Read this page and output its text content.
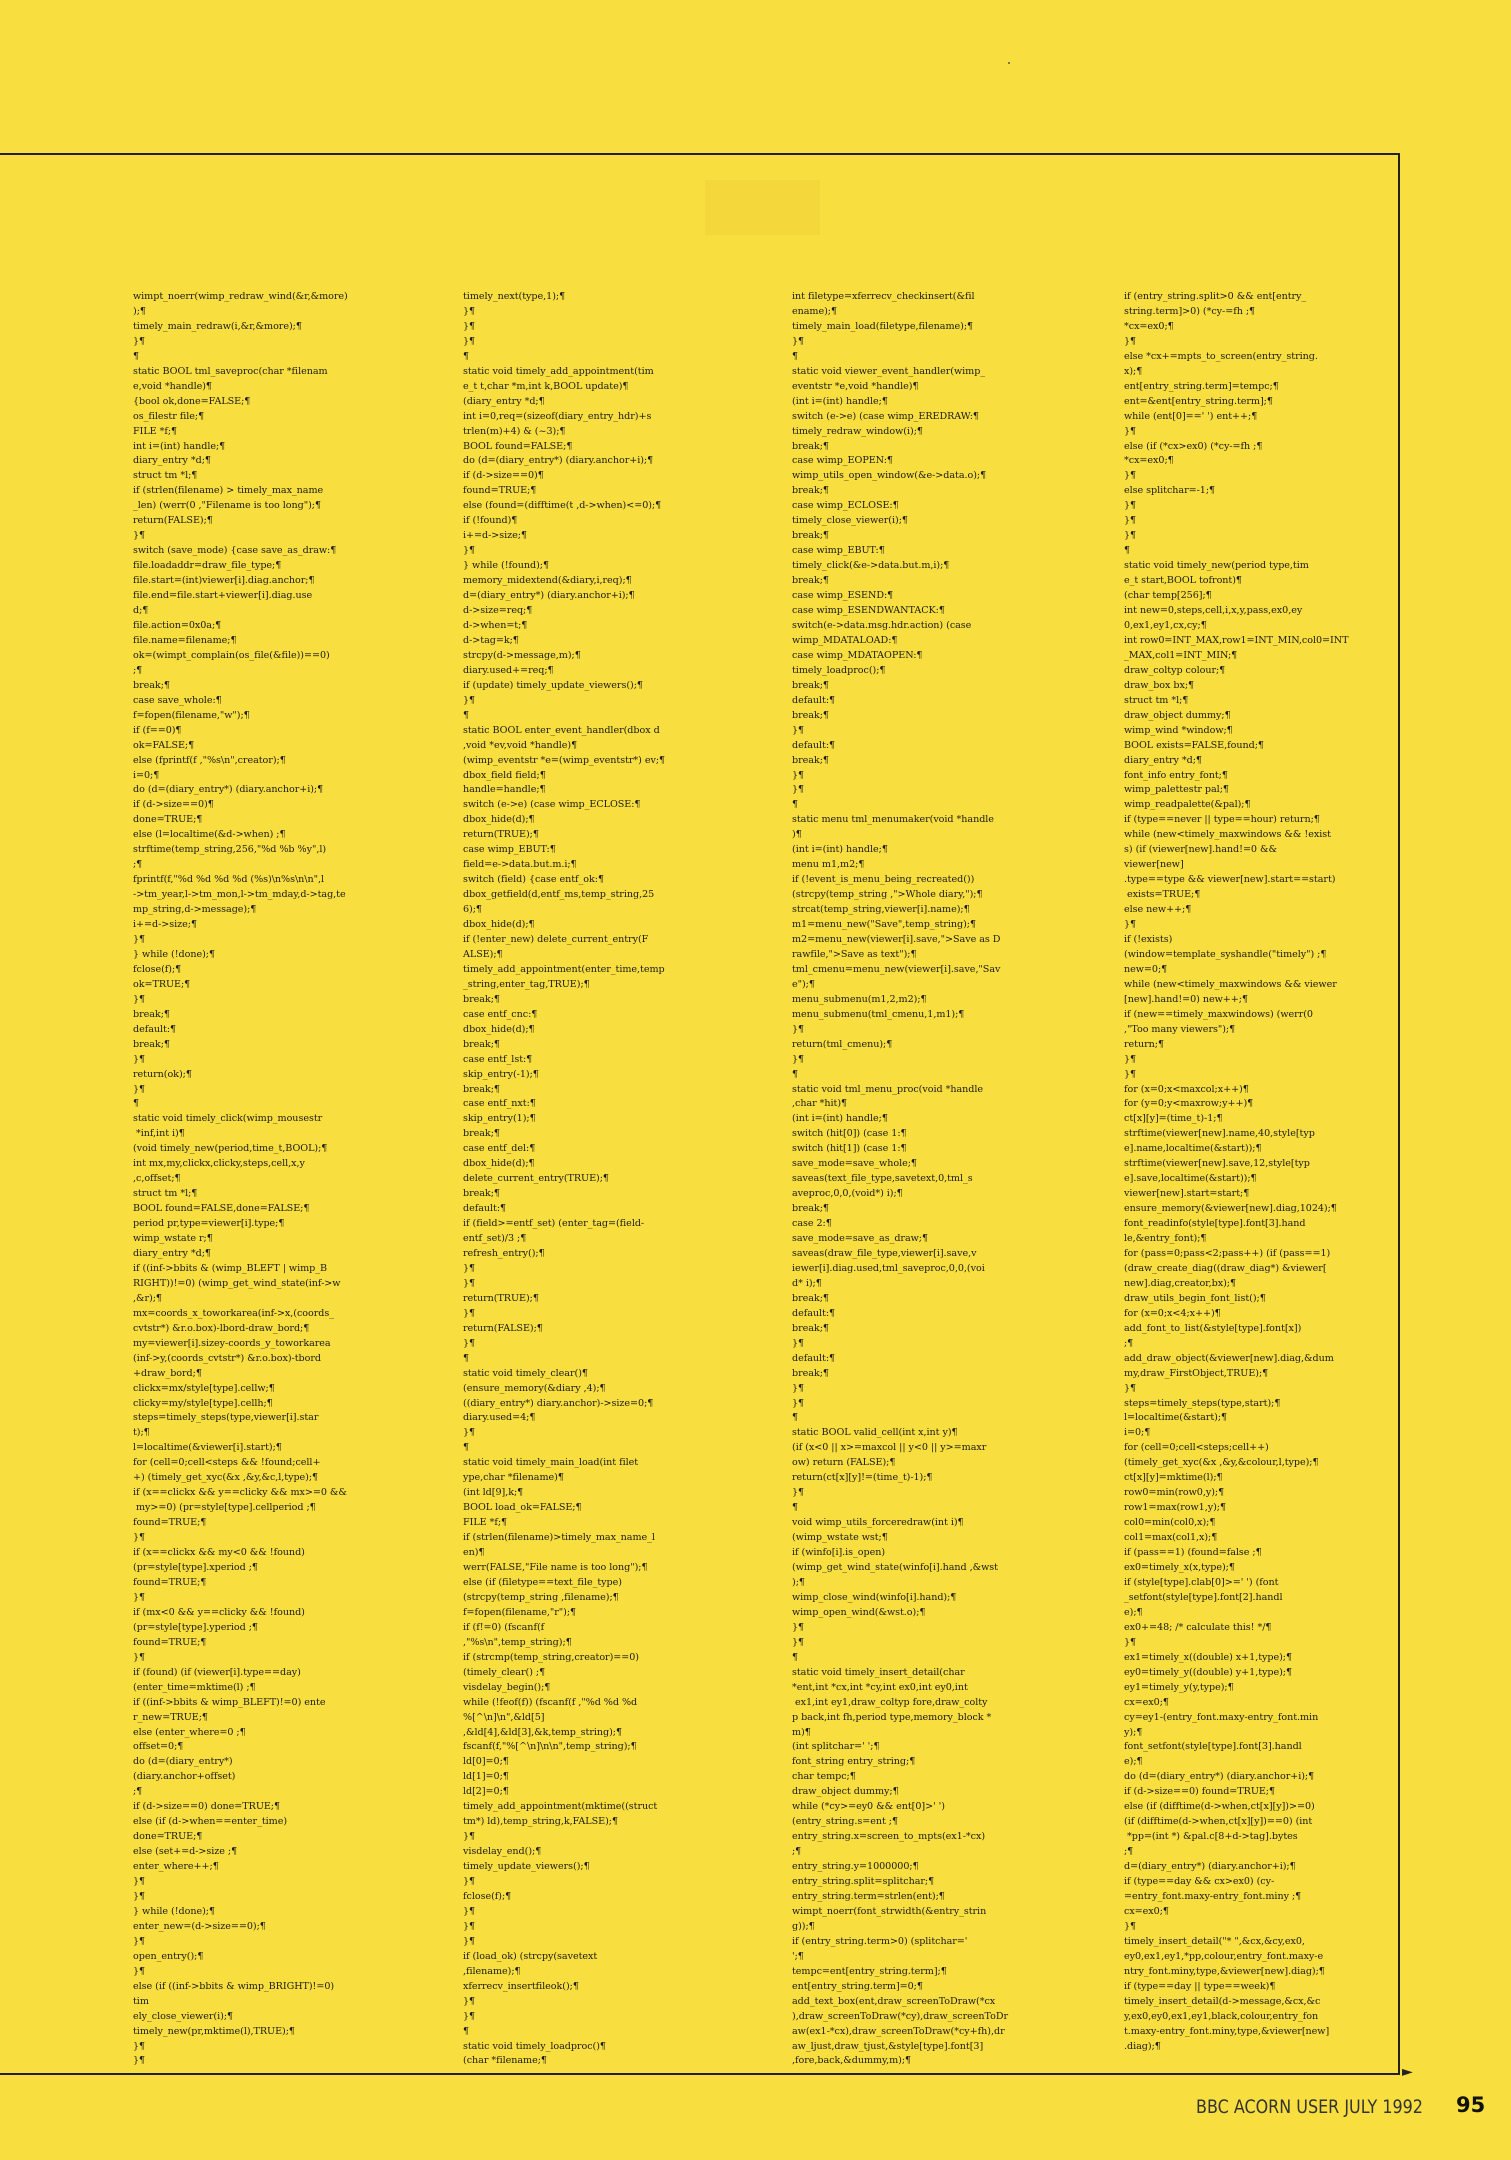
►
wimpt_noerr(wimp_redraw_wind(&r,&more)
);¶
timely_main_redraw(i,&r,&more);¶
}¶
¶
static BOOL tml_saveproc(char *filenam
e,void *handle)¶
{bool ok,done=FALSE;¶
os_filestr file;¶
FILE *f;¶
int i=(int) handle;¶
diary_entry *d;¶
struct tm *l;¶
if (strlen(filename) > timely_max_name
_len) (werr(0 ,"Filename is too long");¶
return(FALSE);¶
}¶
switch (save_mode) {case save_as_draw:¶
file.loadaddr=draw_file_type;¶
file.start=(int)viewer[i].diag.anchor;¶
file.end=file.start+viewer[i].diag.use
d;¶
file.action=0x0a;¶
file.name=filename;¶
ok=(wimpt_complain(os_file(&file))==0)
;¶
break;¶
case save_whole:¶
f=fopen(filename,"w");¶
if (f==0)¶
ok=FALSE;¶
else (fprintf(f ,"%s\n",creator);¶
i=0;¶
do (d=(diary_entry*) (diary.anchor+i);¶
if (d->size==0)¶
done=TRUE;¶
else (l=localtime(&d->when) ;¶
strftime(temp_string,256,"%d %b %y",l)
;¶
fprintf(f,"%d %d %d %d (%s)\n%s\n\n",l
->tm_year,l->tm_mon,l->tm_mday,d->tag,te
mp_string,d->message);¶
i+=d->size;¶
}¶
} while (!done);¶
fclose(f);¶
ok=TRUE;¶
}¶
break;¶
default:¶
break;¶
}¶
return(ok);¶
}¶
¶
static void timely_click(wimp_mousestr
*inf,int i)¶
(void timely_new(period,time_t,BOOL);¶
int mx,my,clickx,clicky,steps,cell,x,y
,c,offset;¶
struct tm *l;¶
BOOL found=FALSE,done=FALSE;¶
period pr,type=viewer[i].type;¶
wimp_wstate r;¶
diary_entry *d;¶
if ((inf->bbits & (wimp_BLEFT | wimp_B
RIGHT))!=0) (wimp_get_wind_state(inf->w
,&r);¶
mx=coords_x_toworkarea(inf->x,(coords_
cvtstr*) &r.o.box)-lbord-draw_bord;¶
my=viewer[i].sizey-coords_y_toworkarea
(inf->y,(coords_cvtstr*) &r.o.box)-tbord
+draw_bord;¶
clickx=mx/style[type].cellw;¶
clicky=my/style[type].cellh;¶
steps=timely_steps(type,viewer[i].star
t);¶
l=localtime(&viewer[i].start);¶
for (cell=0;cell<steps && !found;cell+
+) (timely_get_xyc(&x ,&y,&c,l,type);¶
if (x==clickx && y==clicky && mx>=0 &&
my>=0) (pr=style[type].cellperiod ;¶
found=TRUE;¶
}¶
if (x==clickx && my<0 && !found)
(pr=style[type].xperiod ;¶
found=TRUE;¶
}¶
if (mx<0 && y==clicky && !found)
(pr=style[type].yperiod ;¶
found=TRUE;¶
}¶
if (found) (if (viewer[i].type==day)
(enter_time=mktime(l) ;¶
if ((inf->bbits & wimp_BLEFT)!=0) ente
r_new=TRUE;¶
else (enter_where=0 ;¶
offset=0;¶
do (d=(diary_entry*)
(diary.anchor+offset)
;¶
if (d->size==0) done=TRUE;¶
else (if (d->when==enter_time)
done=TRUE;¶
else (set+=d->size ;¶
enter_where++;¶
}¶
}¶
} while (!done);¶
enter_new=(d->size==0);¶
}¶
open_entry();¶
}¶
else (if ((inf->bbits & wimp_BRIGHT)!=0)
tim
ely_close_viewer(i);¶
timely_new(pr,mktime(l),TRUE);¶
}¶
}¶
timely_next(type,1);¶
}¶
}¶
}¶
¶
static void timely_add_appointment(tim
e_t t,char *m,int k,BOOL update)¶
(diary_entry *d;¶
int i=0,req=(sizeof(diary_entry_hdr)+s
trlen(m)+4) & (~3);¶
BOOL found=FALSE;¶
do (d=(diary_entry*) (diary.anchor+i);¶
if (d->size==0)¶
found=TRUE;¶
else (found=(difftime(t ,d->when)<=0);¶
if (!found)¶
i+=d->size;¶
}¶
} while (!found);¶
memory_midextend(&diary,i,req);¶
d=(diary_entry*) (diary.anchor+i);¶
d->size=req;¶
d->when=t;¶
d->tag=k;¶
strcpy(d->message,m);¶
diary.used+=req;¶
if (update) timely_update_viewers();¶
}¶
¶
static BOOL enter_event_handler(dbox d
,void *ev,void *handle)¶
(wimp_eventstr *e=(wimp_eventstr*) ev;¶
dbox_field field;¶
handle=handle;¶
switch (e->e) (case wimp_ECLOSE:¶
dbox_hide(d);¶
return(TRUE);¶
case wimp_EBUT:¶
field=e->data.but.m.i;¶
switch (field) {case entf_ok:¶
dbox_getfield(d,entf_ms,temp_string,25
6);¶
dbox_hide(d);¶
if (!enter_new) delete_current_entry(F
ALSE);¶
timely_add_appointment(enter_time,temp
_string,enter_tag,TRUE);¶
break;¶
case entf_cnc:¶
dbox_hide(d);¶
break;¶
case entf_lst:¶
skip_entry(-1);¶
break;¶
case entf_nxt:¶
skip_entry(1);¶
break;¶
case entf_del:¶
dbox_hide(d);¶
delete_current_entry(TRUE);¶
break;¶
default:¶
if (field>=entf_set) (enter_tag=(field-
entf_set)/3 ;¶
refresh_entry();¶
}¶
}¶
return(TRUE);¶
}¶
return(FALSE);¶
}¶
¶
static void timely_clear()¶
(ensure_memory(&diary ,4);¶
((diary_entry*) diary.anchor)->size=0;¶
diary.used=4;¶
}¶
¶
static void timely_main_load(int filet
ype,char *filename)¶
(int ld[9],k;¶
BOOL load_ok=FALSE;¶
FILE *f;¶
if (strlen(filename)>timely_max_name_l
en)¶
werr(FALSE,"File name is too long");¶
else (if (filetype==text_file_type)
(strcpy(temp_string ,filename);¶
f=fopen(filename,"r");¶
if (f!=0) (fscanf(f
,"%s\n",temp_string);¶
if (strcmp(temp_string,creator)==0)
(timely_clear() ;¶
visdelay_begin();¶
while (!feof(f)) (fscanf(f ,"%d %d %d
%[^\n]\n",&ld[5]
,&ld[4],&ld[3],&k,temp_string);¶
fscanf(f,"%[^\n]\n\n",temp_string);¶
ld[0]=0;¶
ld[1]=0;¶
ld[2]=0;¶
timely_add_appointment(mktime((struct
tm*) ld),temp_string,k,FALSE);¶
}¶
visdelay_end();¶
timely_update_viewers();¶
}¶
fclose(f);¶
}¶
}¶
}¶
if (load_ok) (strcpy(savetext
,filename);¶
xferrecv_insertfileok();¶
}¶
}¶
¶
static void timely_loadproc()¶
(char *filename;¶
int filetype=xferrecv_checkinsert(&fil
ename);¶
timely_main_load(filetype,filename);¶
}¶
¶
static void viewer_event_handler(wimp_
eventstr *e,void *handle)¶
(int i=(int) handle;¶
switch (e->e) (case wimp_EREDRAW:¶
timely_redraw_window(i);¶
break;¶
case wimp_EOPEN:¶
wimp_utils_open_window(&e->data.o);¶
break;¶
case wimp_ECLOSE:¶
timely_close_viewer(i);¶
break;¶
case wimp_EBUT:¶
timely_click(&e->data.but.m,i);¶
break;¶
case wimp_ESEND:¶
case wimp_ESENDWANTACK:¶
switch(e->data.msg.hdr.action) (case
wimp_MDATALOAD:¶
case wimp_MDATAOPEN:¶
timely_loadproc();¶
break;¶
default:¶
break;¶
}¶
default:¶
break;¶
}¶
}¶
¶
static menu tml_menumaker(void *handle
)¶
(int i=(int) handle;¶
menu m1,m2;¶
if (!event_is_menu_being_recreated())
(strcpy(temp_string ,">Whole diary,");¶
strcat(temp_string,viewer[i].name);¶
m1=menu_new("Save",temp_string);¶
m2=menu_new(viewer[i].save,">Save as D
rawfile,">Save as text");¶
tml_cmenu=menu_new(viewer[i].save,"Sav
e");¶
menu_submenu(m1,2,m2);¶
menu_submenu(tml_cmenu,1,m1);¶
}¶
return(tml_cmenu);¶
}¶
¶
static void tml_menu_proc(void *handle
,char *hit)¶
(int i=(int) handle;¶
switch (hit[0]) (case 1:¶
switch (hit[1]) (case 1:¶
save_mode=save_whole;¶
saveas(text_file_type,savetext,0,tml_s
aveproc,0,0,(void*) i);¶
break;¶
case 2:¶
save_mode=save_as_draw;¶
saveas(draw_file_type,viewer[i].save,v
iewer[i].diag.used,tml_saveproc,0,0,(voi
d* i);¶
break;¶
default:¶
break;¶
}¶
default:¶
break;¶
}¶
}¶
¶
static BOOL valid_cell(int x,int y)¶
(if (x<0 || x>=maxcol || y<0 || y>=maxr
ow) return (FALSE);¶
return(ct[x][y]!=(time_t)-1);¶
}¶
¶
void wimp_utils_forceredraw(int i)¶
(wimp_wstate wst;¶
if (winfo[i].is_open)
(wimp_get_wind_state(winfo[i].hand ,&wst
);¶
wimp_close_wind(winfo[i].hand);¶
wimp_open_wind(&wst.o);¶
}¶
}¶
¶
static void timely_insert_detail(char
*ent,int *cx,int *cy,int ex0,int ey0,int
ex1,int ey1,draw_coltyp fore,draw_colty
p back,int fh,period type,memory_block *
m)¶
(int splitchar=' ';¶
font_string entry_string;¶
char tempc;¶
draw_object dummy;¶
while (*cy>=ey0 && ent[0]>' ')
(entry_string.s=ent ;¶
entry_string.x=screen_to_mpts(ex1-*cx)
;¶
entry_string.y=1000000;¶
entry_string.split=splitchar;¶
entry_string.term=strlen(ent);¶
wimpt_noerr(font_strwidth(&entry_strin
g));¶
if (entry_string.term>0) (splitchar='
';¶
tempc=ent[entry_string.term];¶
ent[entry_string.term]=0;¶
add_text_box(ent,draw_screenToDraw(*cx
),draw_screenToDraw(*cy),draw_screenToDr
aw(ex1-*cx),draw_screenToDraw(*cy+fh),dr
aw_ljust,draw_tjust,&style[type].font[3]
,fore,back,&dummy,m);¶
if (entry_string.split>0 && ent[entry_
string.term]>0) (*cy-=fh ;¶
*cx=ex0;¶
}¶
else *cx+=mpts_to_screen(entry_string.
x);¶
ent[entry_string.term]=tempc;¶
ent=&ent[entry_string.term];¶
while (ent[0]==' ') ent++;¶
}¶
else (if (*cx>ex0) (*cy-=fh ;¶
*cx=ex0;¶
}¶
else splitchar=-1;¶
}¶
}¶
}¶
¶
static void timely_new(period type,tim
e_t start,BOOL tofront)¶
(char temp[256];¶
int new=0,steps,cell,i,x,y,pass,ex0,ey
0,ex1,ey1,cx,cy;¶
int row0=INT_MAX,row1=INT_MIN,col0=INT
_MAX,col1=INT_MIN;¶
draw_coltyp colour;¶
draw_box bx;¶
struct tm *l;¶
draw_object dummy;¶
wimp_wind *window;¶
BOOL exists=FALSE,found;¶
diary_entry *d;¶
font_info entry_font;¶
wimp_palettestr pal;¶
wimp_readpalette(&pal);¶
if (type==never || type==hour) return;¶
while (new<timely_maxwindows && !exist
s) (if (viewer[new].hand!=0 &&
viewer[new]
.type==type && viewer[new].start==start)
exists=TRUE;¶
else new++;¶
}¶
if (!exists)
(window=template_syshandle("timely") ;¶
new=0;¶
while (new<timely_maxwindows && viewer
[new].hand!=0) new++;¶
if (new==timely_maxwindows) (werr(0
,"Too many viewers");¶
return;¶
}¶
}¶
for (x=0;x<maxcol;x++)¶
for (y=0;y<maxrow;y++)¶
ct[x][y]=(time_t)-1;¶
strftime(viewer[new].name,40,style[typ
e].name,localtime(&start));¶
strftime(viewer[new].save,12,style[typ
e].save,localtime(&start));¶
viewer[new].start=start;¶
ensure_memory(&viewer[new].diag,1024);¶
font_readinfo(style[type].font[3].hand
le,&entry_font);¶
for (pass=0;pass<2;pass++) (if (pass==1)
(draw_create_diag((draw_diag*) &viewer[
new].diag,creator,bx);¶
draw_utils_begin_font_list();¶
for (x=0;x<4;x++)¶
add_font_to_list(&style[type].font[x])
;¶
add_draw_object(&viewer[new].diag,&dum
my,draw_FirstObject,TRUE);¶
}¶
steps=timely_steps(type,start);¶
l=localtime(&start);¶
i=0;¶
for (cell=0;cell<steps;cell++)
(timely_get_xyc(&x ,&y,&colour,l,type);¶
ct[x][y]=mktime(l);¶
row0=min(row0,y);¶
row1=max(row1,y);¶
col0=min(col0,x);¶
col1=max(col1,x);¶
if (pass==1) (found=false ;¶
ex0=timely_x(x,type);¶
if (style[type].clab[0]>=' ') (font
_setfont(style[type].font[2].handl
e);¶
ex0+=48; /* calculate this! */¶
}¶
ex1=timely_x((double) x+1,type);¶
ey0=timely_y((double) y+1,type);¶
ey1=timely_y(y,type);¶
cx=ex0;¶
cy=ey1-(entry_font.maxy-entry_font.min
y);¶
font_setfont(style[type].font[3].handl
e);¶
do (d=(diary_entry*) (diary.anchor+i);¶
if (d->size==0) found=TRUE;¶
else (if (difftime(d->when,ct[x][y])>=0)
(if (difftime(d->when,ct[x][y])==0) (int
*pp=(int *) &pal.c[8+d->tag].bytes
;¶
d=(diary_entry*) (diary.anchor+i);¶
if (type==day && cx>ex0) (cy-
=entry_font.maxy-entry_font.miny ;¶
cx=ex0;¶
}¶
timely_insert_detail("* ",&cx,&cy,ex0,
ey0,ex1,ey1,*pp,colour,entry_font.maxy-e
ntry_font.miny,type,&viewer[new].diag);¶
if (type==day || type==week)¶
timely_insert_detail(d->message,&cx,&c
y,ex0,ey0,ex1,ey1,black,colour,entry_fon
t.maxy-entry_font.miny,type,&viewer[new]
.diag);¶
BBC ACORN USER JULY 1992 95
